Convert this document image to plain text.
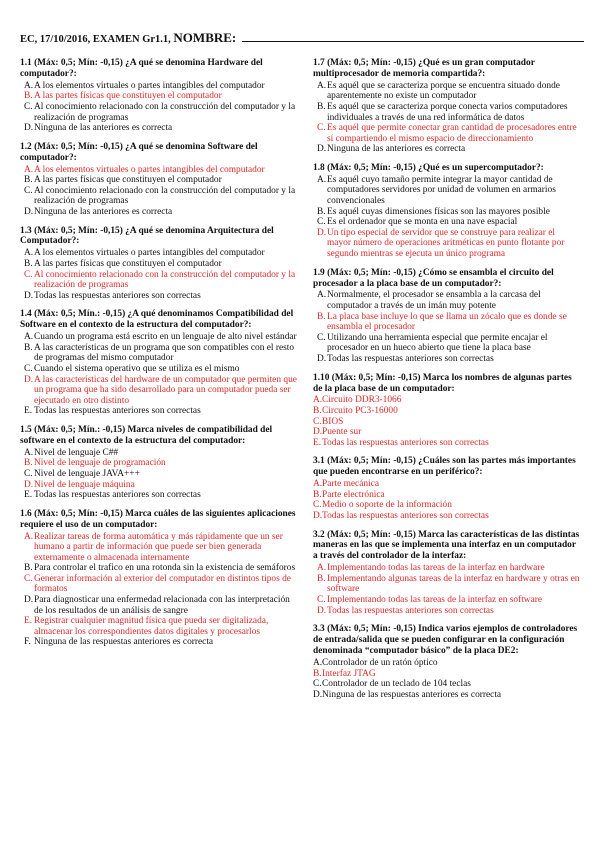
EC, 17/10/2016, EXAMEN Gr1.1, NOMBRE:

1.1 (Máx: 0,5; Mín: -0,15) ¿A qué se denomina Hardware del computador?:

A. A los elementos virtuales o partes intangibles del computador

B. A las partes físicas que constituyen el computador

C. Al conocimiento relacionado con la construcción del computador y la realización de programas

D. Ninguna de las anteriores es correcta

1.2 (Máx: 0,5; Mín: -0,15) ¿A qué se denomina Software del computador?:

A. A los elementos virtuales o partes intangibles del computador

B. A las partes físicas que constituyen el computador

C. Al conocimiento relacionado con la construcción del computador y la realización de programas

D. Ninguna de las anteriores es correcta

1.3 (Máx: 0,5; Mín: -0,15) ¿A qué se denomina Arquitectura del Computador?:

A. A los elementos virtuales o partes intangibles del computador

B. A las partes físicas que constituyen el computador

C. Al conocimiento relacionado con la construcción del computador y la realización de programas

D. Todas las respuestas anteriores son correctas

1.4 (Máx: 0,5; Mín.: -0,15) ¿A qué denominamos Compatibilidad del Software en el contexto de la estructura del computador?:

A. Cuando un programa está escrito en un lenguaje de alto nivel estándar

B. A las características de un programa que son compatibles con el resto de programas del mismo computador

C. Cuando el sistema operativo que se utiliza es el mismo

D. A las características del hardware de un computador que permiten que un programa que ha sido desarrollado para un computador pueda ser ejecutado en otro distinto

E. Todas las respuestas anteriores son correctas

1.5 (Máx: 0,5; Mín.: -0,15) Marca niveles de compatibilidad del software en el contexto de la estructura del computador:

A. Nivel de lenguaje C##

B. Nivel de lenguaje de programación

C. Nivel de lenguaje JAVA+++

D. Nivel de lenguaje máquina

E. Todas las respuestas anteriores son correctas

1.6 (Máx: 0,5; Mín: -0,15) Marca cuáles de las siguientes aplicaciones requiere el uso de un computador:

A. Realizar tareas de forma automática y más rápidamente que un ser humano a partir de información que puede ser bien generada externamente o almacenada internamente

B. Para controlar el trafico en una rotonda sin la existencia de semáforos

C. Generar información al exterior del computador en distintos tipos de formatos

D. Para diagnosticar una enfermedad relacionada con las interpretación de los resultados de un análisis de sangre

E. Registrar cualquier magnitud física que pueda ser digitalizada, almacenar los correspondientes datos digitales y procesarlos

F. Ninguna de las respuestas anteriores es correcta

1.7 (Máx: 0,5; Mín: -0,15) ¿Qué es un gran computador multiprocesador de memoria compartida?:

A. Es aquél que se caracteriza porque se encuentra situado donde aparentemente no existe un computador

B. Es aquél que se caracteriza porque conecta varios computadores individuales a través de una red informática de datos

C. Es aquél que permite conectar gran cantidad de procesadores entre sí compartiendo el mismo espacio de direccionamiento

D. Ninguna de las anteriores es correcta

1.8 (Máx: 0,5; Mín: -0,15) ¿Qué es un supercomputador?:

A. Es aquél cuyo tamaño permite integrar la mayor cantidad de computadores servidores por unidad de volumen en armarios convencionales

B. Es aquél cuyas dimensiones físicas son las mayores posible

C. Es el ordenador que se monta en una nave espacial

D. Un tipo especial de servidor que se construye para realizar el mayor número de operaciones aritméticas en punto flotante por segundo mientras se ejecuta un único programa

1.9 (Máx: 0,5; Mín: -0,15) ¿Cómo se ensambla el circuito del procesador a la placa base de un computador?:

A. Normalmente, el procesador se ensambla a la carcasa del computador a través de un imán muy potente

B. La placa base incluye lo que se llama un zócalo que es donde se ensambla el procesador

C. Utilizando una herramienta especial que permite encajar el procesador en un hueco abierto que tiene la placa base

D. Todas las respuestas anteriores son correctas

1.10 (Máx: 0,5; Mín: -0,15) Marca los nombres de algunas partes de la placa base de un computador:

A. Circuito DDR3-1066

B. Circuito PC3-16000

C. BIOS

D. Puente sur

E. Todas las respuestas anteriores son correctas

3.1 (Máx: 0,5; Mín: -0,15) ¿Cuáles son las partes más importantes que pueden encontrarse en un periférico?:

A. Parte mecánica

B. Parte electrónica

C. Medio o soporte de la información

D. Todas las respuestas anteriores son correctas

3.2 (Máx: 0,5; Mín: -0,15) Marca las características de las distintas maneras en las que se implementa una interfaz en un computador a través del controlador de la interfaz:

A. Implementando todas las tareas de la interfaz en hardware

B. Implementando algunas tareas de la interfaz en hardware y otras en software

C. Implementando todas las tareas de la interfaz en software

D. Todas las respuestas anteriores son correctas

3.3 (Máx: 0,5; Mín: -0,15) Indica varios ejemplos de controladores de entrada/salida que se pueden configurar en la configuración denominada “computador básico” de la placa DE2:

A. Controlador de un ratón óptico

B. Interfaz JTAG

C. Controlador de un teclado de 104 teclas

D. Ninguna de las respuestas anteriores es correcta
